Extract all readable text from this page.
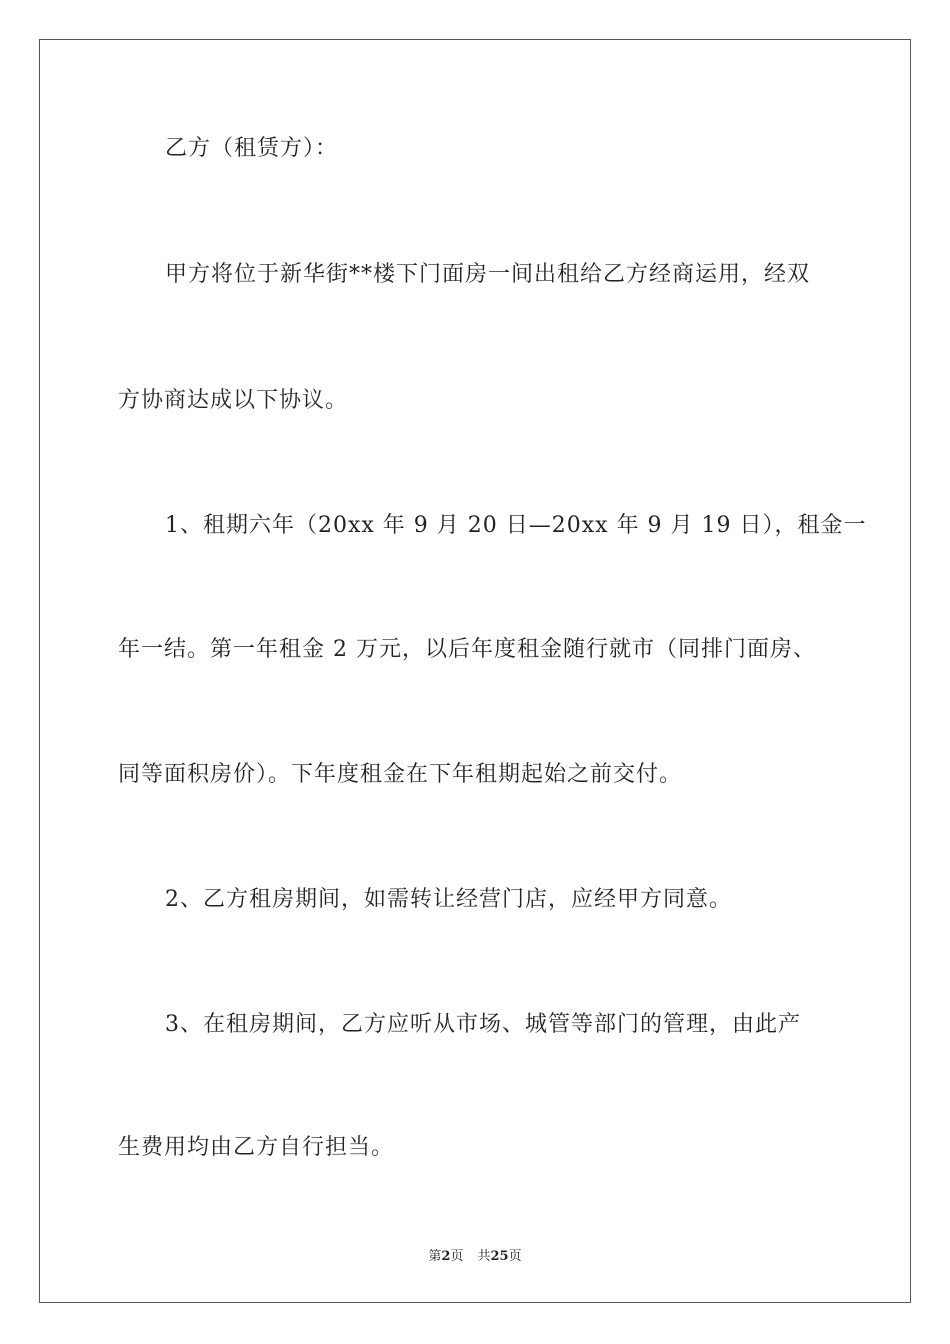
乙方（租赁方）：
甲方将位于新华街**楼下门面房一间出租给乙方经商运用，经双
方协商达成以下协议。
1、租期六年（20xx 年 9 月 20 日—20xx 年 9 月 19 日），租金一
年一结。第一年租金 2 万元，以后年度租金随行就市（同排门面房、
同等面积房价）。下年度租金在下年租期起始之前交付。
2、乙方租房期间，如需转让经营门店，应经甲方同意。
3、在租房期间，乙方应听从市场、城管等部门的管理，由此产
生费用均由乙方自行担当。
第2页 共25页
